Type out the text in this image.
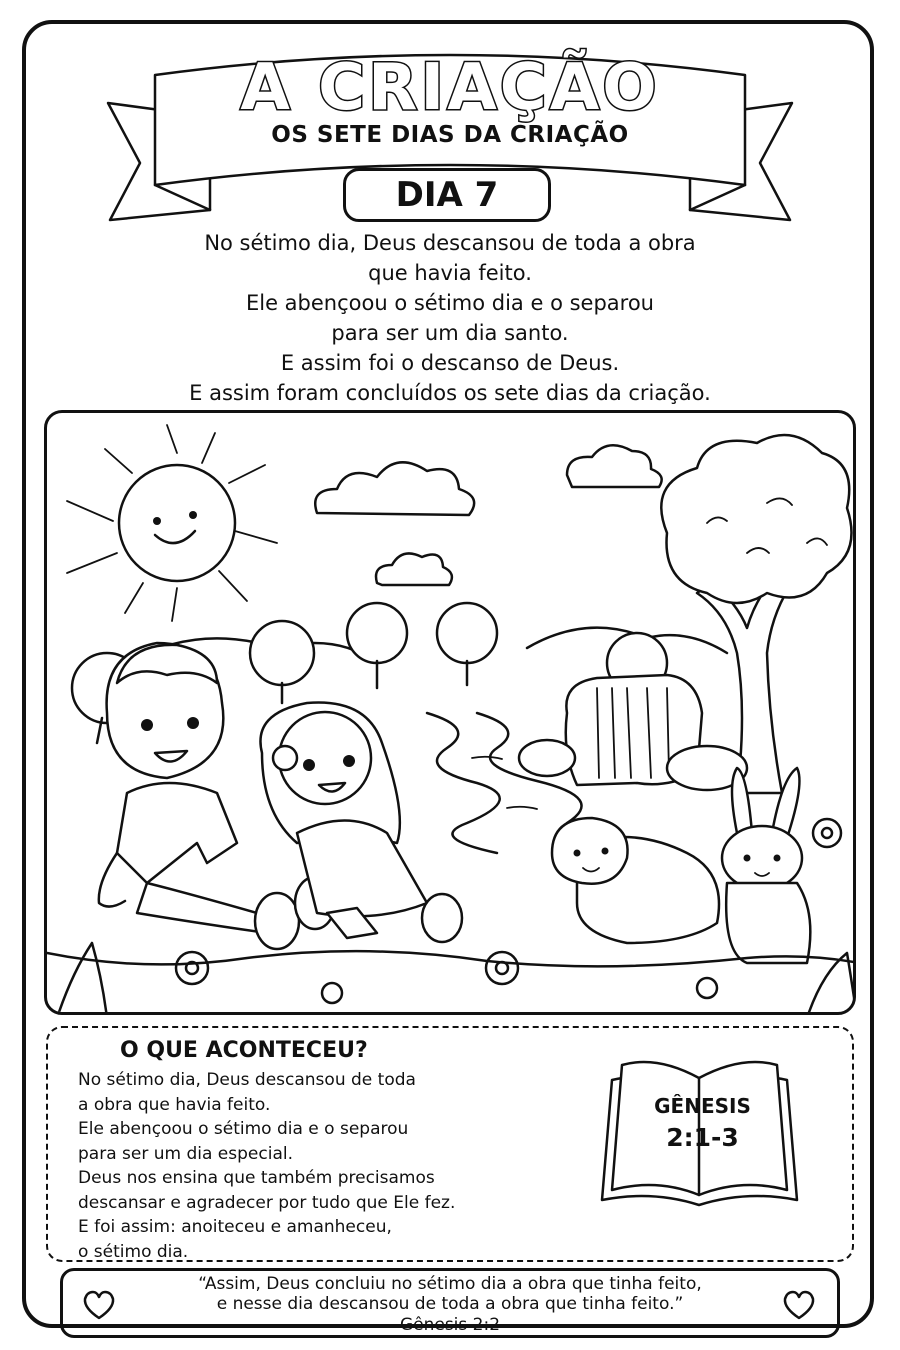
A CRIAÇÃO
OS SETE DIAS DA CRIAÇÃO
DIA 7
No sétimo dia, Deus descansou de toda a obra
que havia feito.
Ele abençoou o sétimo dia e o separou
para ser um dia santo.
E assim foi o descanso de Deus.
E assim foram concluídos os sete dias da criação.
O QUE ACONTECEU?
No sétimo dia, Deus descansou de toda
a obra que havia feito.
Ele abençoou o sétimo dia e o separou
para ser um dia especial.
Deus nos ensina que também precisamos
descansar e agradecer por tudo que Ele fez.
E foi assim: anoiteceu e amanheceu,
o sétimo dia.
GÊNESIS
2:1-3
“Assim, Deus concluiu no sétimo dia a obra que tinha feito,
e nesse dia descansou de toda a obra que tinha feito.”
Gênesis 2:2
